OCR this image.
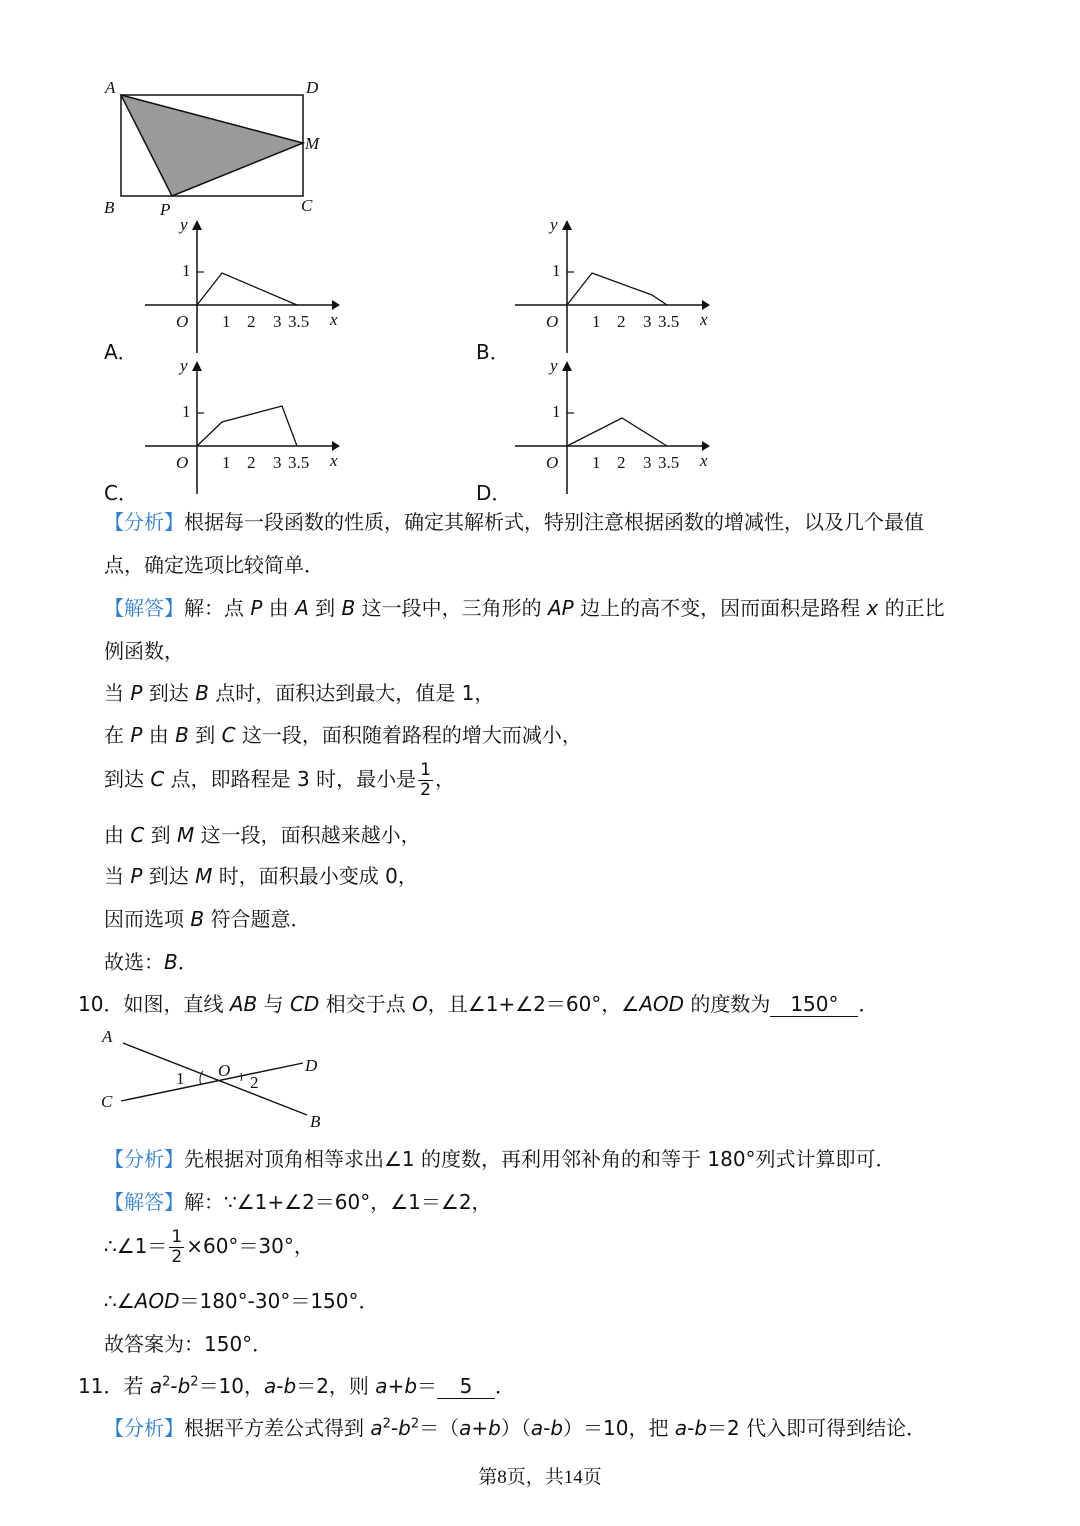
A	D
M
B	P	C
y
1
O 1 2 3 3.5 x
A．
y
1
O 1 2 3 3.5 x
B．
y
1
O 1 2 3 3.5 x
C．
y
1
O 1 2 3 3.5 x
D．
【分析】根据每一段函数的性质，确定其解析式，特别注意根据函数的增减性，以及几个最值
点，确定选项比较简单．
【解答】解：点 P 由 A 到 B 这一段中，三角形的 AP 边上的高不变，因而面积是路程 x 的正比
例函数，
当 P 到达 B 点时，面积达到最大，值是 1，
在 P 由 B 到 C 这一段，面积随着路程的增大而减小，
到达 C 点，即路程是 3 时，最小是 $\frac{1}{2}$ ，
由 C 到 M 这一段，面积越来越小，
当 P 到达 M 时，面积最小变成 0，
因而选项 B 符合题意．
故选：B．
10．如图，直线 AB 与 CD 相交于点 O，且∠1+∠2＝60°，∠AOD 的度数为 150° ．
A
D
O
1	2
C
B
【分析】先根据对顶角相等求出∠1 的度数，再利用邻补角的和等于 180°列式计算即可．
【解答】解：∵∠1+∠2＝60°，∠1＝∠2，
∴∠1＝ $\frac{1}{2} \times 60^\circ=30^\circ$，
∴∠AOD＝180°-30°＝150°．
故答案为：150°．
11．若 $a^2-b^2=10$，a-b＝2，则 a+b＝ 5 ．
【分析】根据平方差公式得到 $a^2-b^2=(a+b)(a-b)=10$，把 a-b＝2 代入即可得到结论．
第8页，共14页
